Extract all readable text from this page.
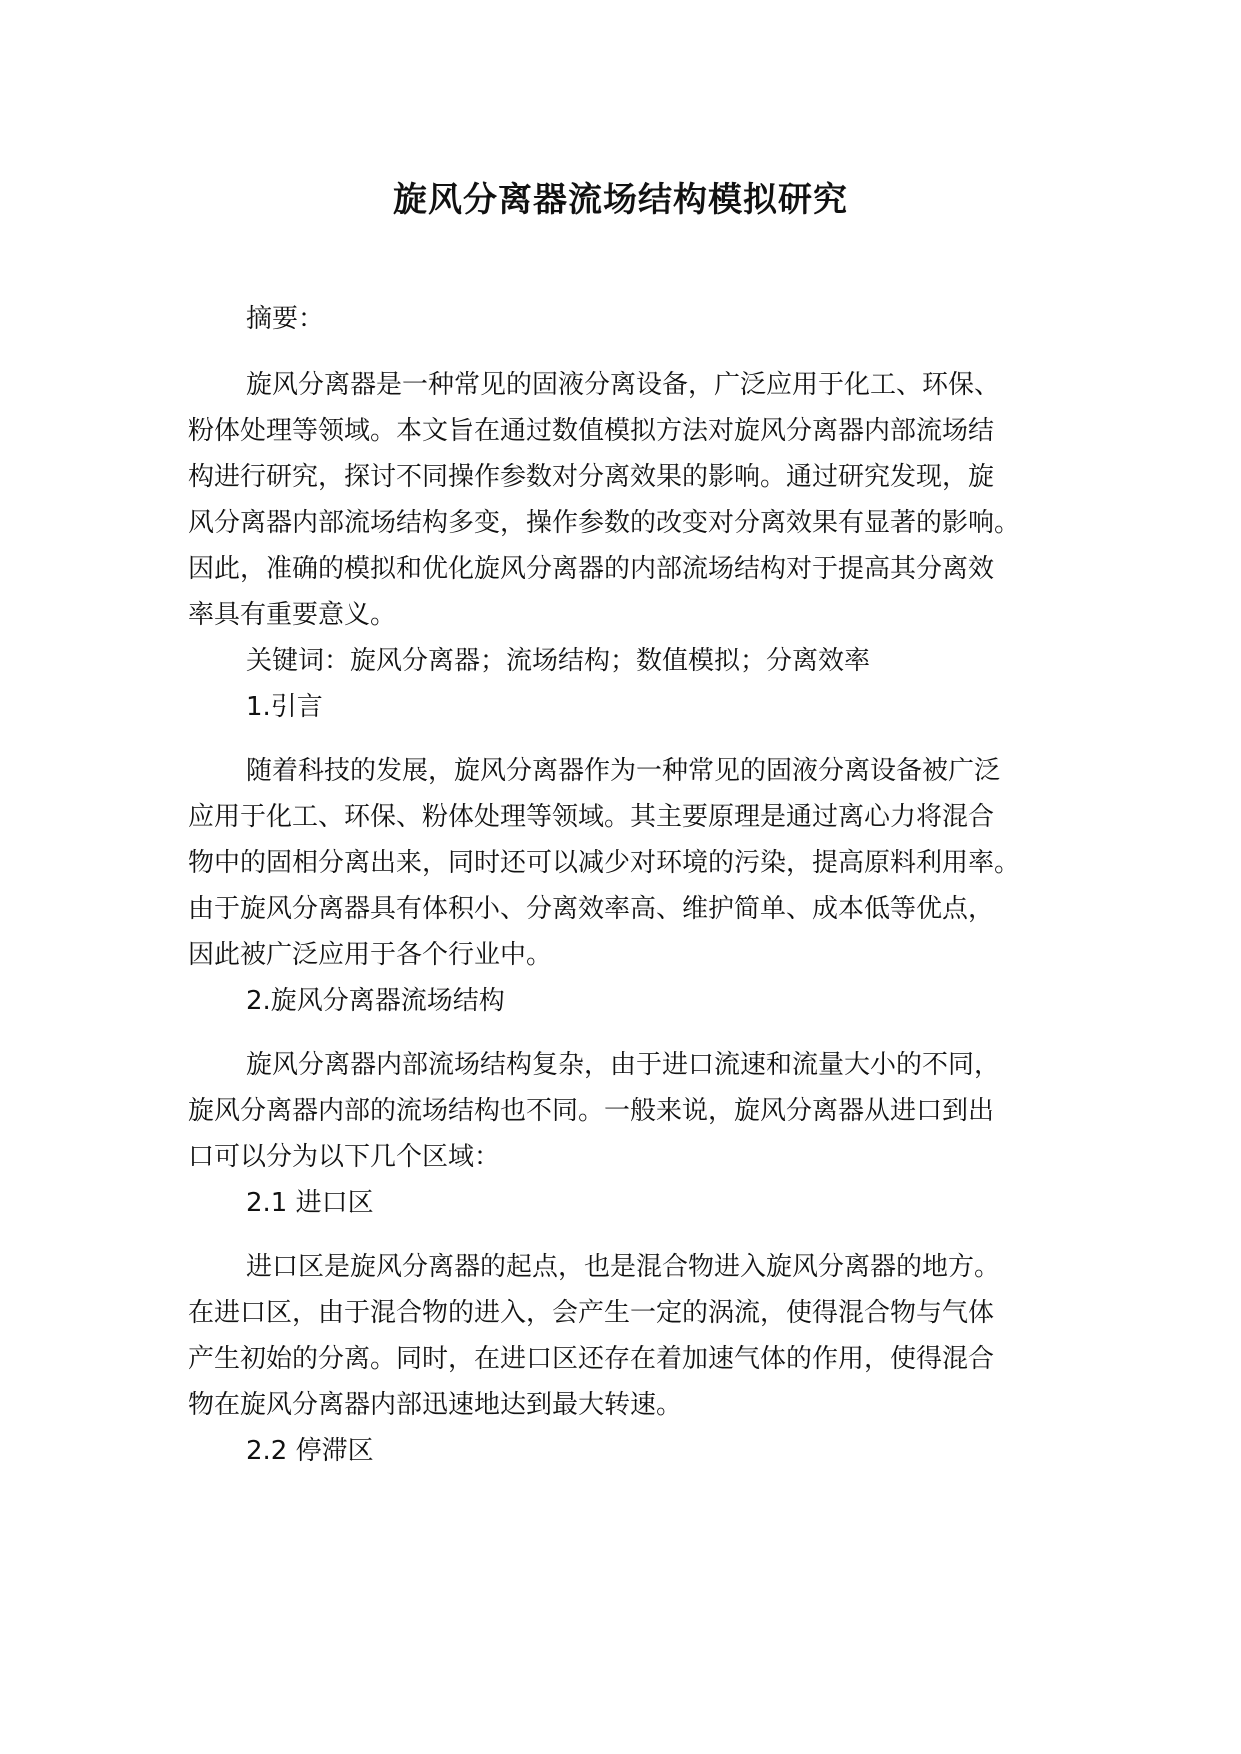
旋风分离器流场结构模拟研究

摘要：

旋风分离器是一种常见的固液分离设备，广泛应用于化工、环保、
粉体处理等领域。本文旨在通过数值模拟方法对旋风分离器内部流场结
构进行研究，探讨不同操作参数对分离效果的影响。通过研究发现，旋
风分离器内部流场结构多变，操作参数的改变对分离效果有显著的影响。
因此，准确的模拟和优化旋风分离器的内部流场结构对于提高其分离效
率具有重要意义。

关键词：旋风分离器；流场结构；数值模拟；分离效率

1.引言

随着科技的发展，旋风分离器作为一种常见的固液分离设备被广泛
应用于化工、环保、粉体处理等领域。其主要原理是通过离心力将混合
物中的固相分离出来，同时还可以减少对环境的污染，提高原料利用率。
由于旋风分离器具有体积小、分离效率高、维护简单、成本低等优点，
因此被广泛应用于各个行业中。

2.旋风分离器流场结构

旋风分离器内部流场结构复杂，由于进口流速和流量大小的不同，
旋风分离器内部的流场结构也不同。一般来说，旋风分离器从进口到出
口可以分为以下几个区域：

2.1 进口区

进口区是旋风分离器的起点，也是混合物进入旋风分离器的地方。
在进口区，由于混合物的进入，会产生一定的涡流，使得混合物与气体
产生初始的分离。同时，在进口区还存在着加速气体的作用，使得混合
物在旋风分离器内部迅速地达到最大转速。

2.2 停滞区
